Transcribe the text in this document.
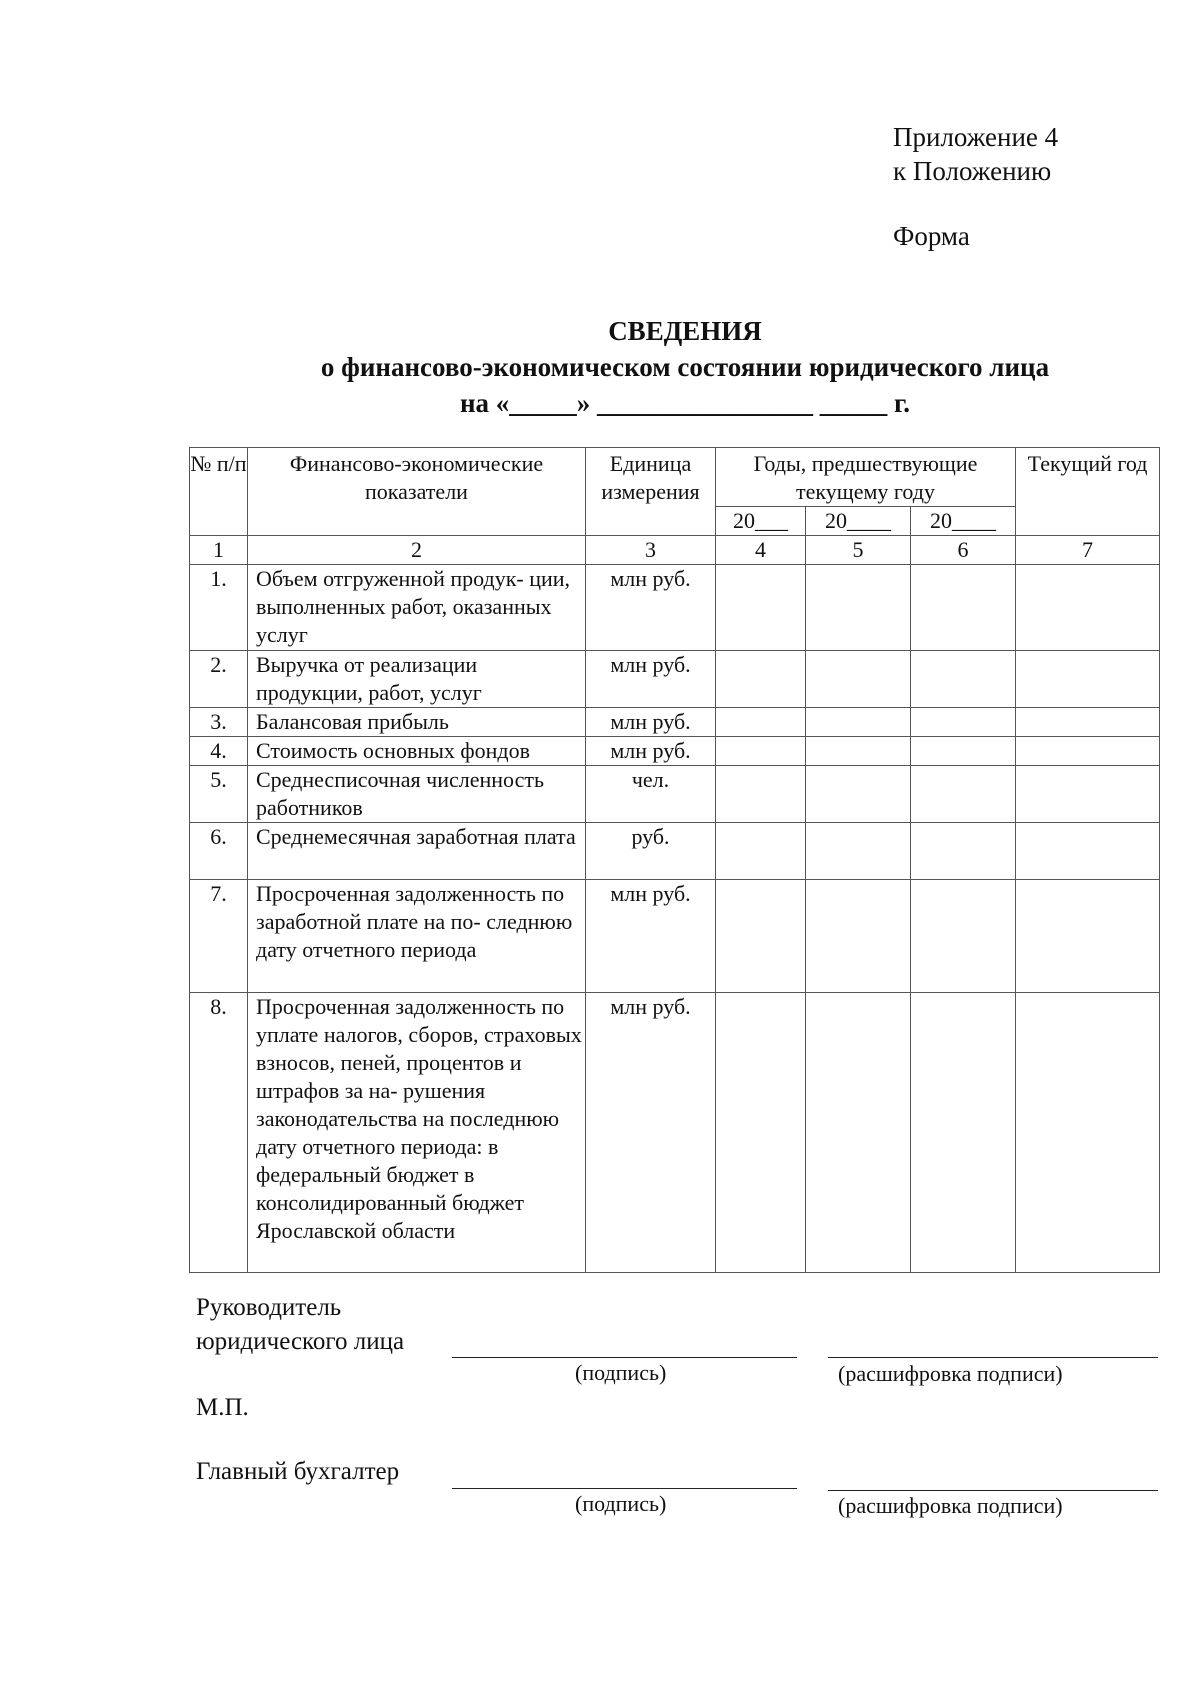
Приложение 4
к Положению
Форма
СВЕДЕНИЯ
о финансово-экономическом состоянии юридического лица
на «_____» ________________ _____ г.
№ п/п	Финансово-экономические показатели	Единица измерения	Годы, предшествующие текущему году			Текущий год
			20___	20____	20____	
1	2	3	4	5	6	7
1.	Объем отгруженной продук- ции, выполненных работ, оказанных услуг	млн руб.				
2.	Выручка от реализации продукции, работ, услуг	млн руб.				
3.	Балансовая прибыль	млн руб.				
4.	Стоимость основных фондов	млн руб.				
5.	Среднесписочная численность работников	чел.				
6.	Среднемесячная заработная плата	руб.				
7.	Просроченная задолженность по заработной плате на по- следнюю дату отчетного периода	млн руб.				
8.	Просроченная задолженность по уплате налогов, сборов, страховых взносов, пеней, процентов и штрафов за на- рушения законодательства на последнюю дату отчетного периода: в федеральный бюджет в консолидированный бюджет Ярославской области	млн руб.				
Руководитель
юридического лица
(подпись)	(расшифровка подписи)
М.П.
Главный бухгалтер
(подпись)	(расшифровка подписи)
